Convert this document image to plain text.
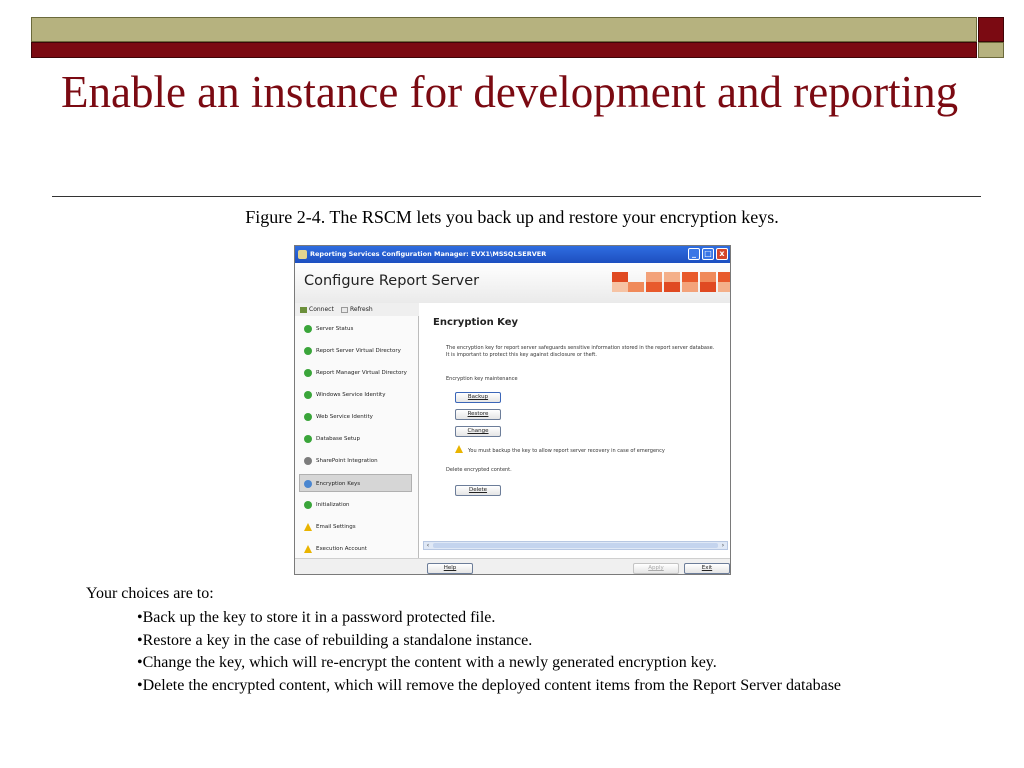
Enable an instance for development and reporting
Figure 2-4. The RSCM lets you back up and restore your encryption keys.
Reporting Services Configuration Manager: EVX1\MSSQLSERVER	_	□ x
Configure Report Server
Connect	Refresh
Server Status
Report Server Virtual Directory
Report Manager Virtual Directory
Windows Service Identity
Web Service Identity
Database Setup
SharePoint Integration
Encryption Keys
Initialization
Email Settings
Execution Account
Encryption Key
The encryption key for report server safeguards sensitive information stored in the report server database. It is important to protect this key against disclosure or theft.
Encryption key maintenance
Backup
Restore
Change
You must backup the key to allow report server recovery in case of emergency
Delete encrypted content.
Delete
‹	›
Help	Apply	Exit
Your choices are to:
•Back up the key to store it in a password protected file.
•Restore a key in the case of rebuilding a standalone instance.
•Change the key, which will re-encrypt the content with a newly generated encryption key.
•Delete the encrypted content, which will remove the deployed content items from the Report Server database
